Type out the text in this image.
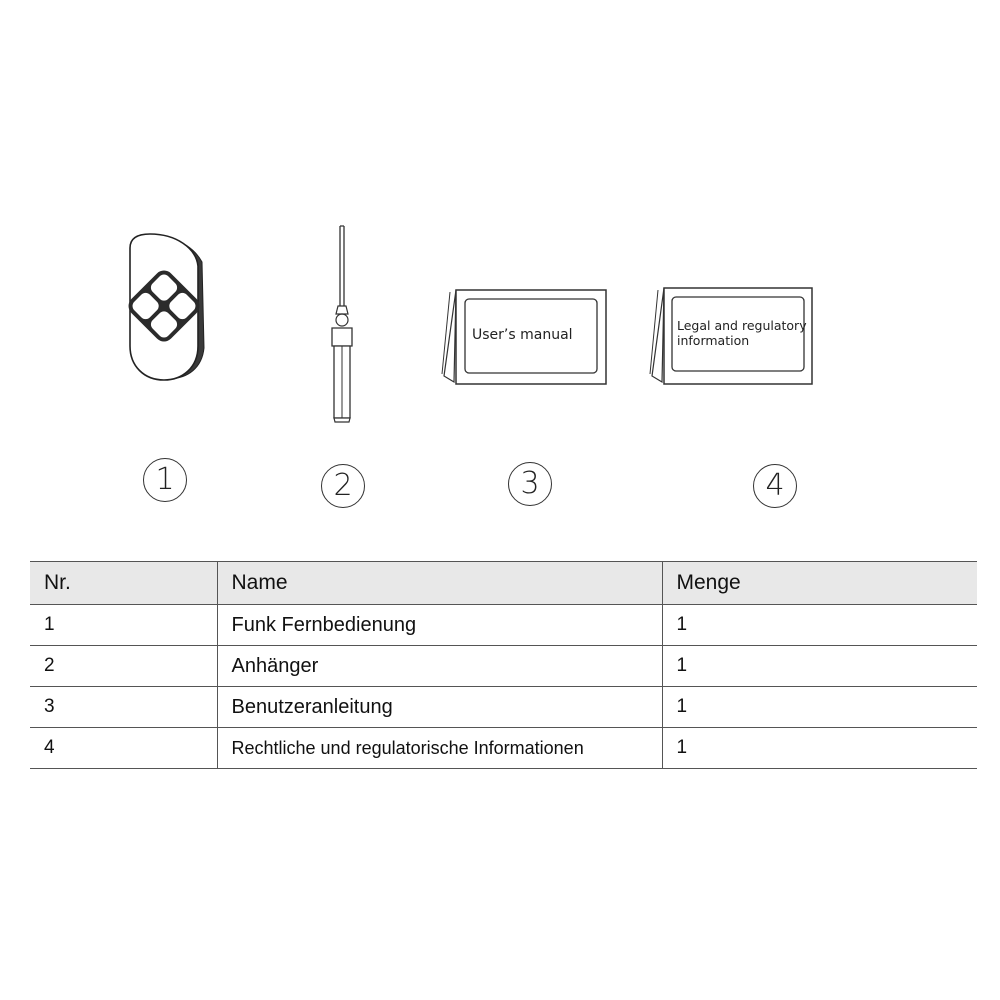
User’s manual
Legal and regulatory
information
1	2	3	4
Nr.	Name	Menge
1	Funk Fernbedienung	1
2	Anhänger	1
3	Benutzeranleitung	1
4	Rechtliche und regulatorische Informationen	1
